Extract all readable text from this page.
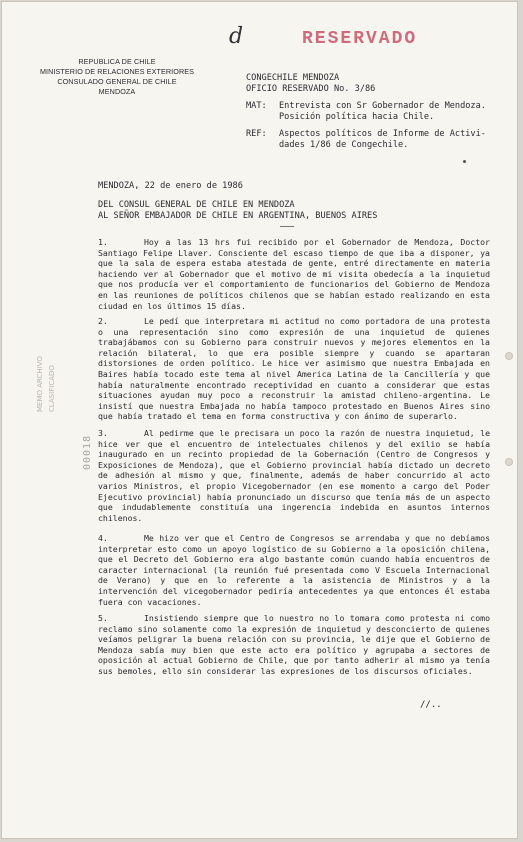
d	RESERVADO
REPUBLICA DE CHILE
MINISTERIO DE RELACIONES EXTERIORES
CONSULADO GENERAL DE CHILE
MENDOZA
CONGECHILE MENDOZA
OFICIO RESERVADO No. 3/86
MAT:	Entrevista con Sr Gobernador de Mendoza.
Posición política hacia Chile.
REF:	Aspectos políticos de Informe de Activi-
dades 1/86 de Congechile.
MENDOZA, 22 de enero de 1986
DEL CONSUL GENERAL DE CHILE EN MENDOZA
AL SEÑOR EMBAJADOR DE CHILE EN ARGENTINA, BUENOS AIRES
00018
MEMO ARCHIVO CLASIFICADO

1.	Hoy a las 13 hrs fui recibido por el Gobernador de Mendoza, Doctor Santiago Felipe Llaver. Consciente del escaso tiempo de que iba a disponer, ya que la sala de espera estaba atestada de gente, entré directamente en materia haciendo ver al Gobernador que el motivo de mi visita obedecía a la inquietud que nos producía ver el comportamiento de funcionarios del Gobierno de Mendoza en las reuniones de políticos chilenos que se habían estado realizando en esta ciudad en los últimos 15 días.

2.	Le pedí que interpretara mi actitud no como portadora de una protesta o una representación sino como expresión de una inquietud de quienes trabajábamos con su Gobierno para construir nuevos y mejores elementos en la relación bilateral, lo que era posible siempre y cuando se apartaran distorsiones de orden político. Le hice ver asimismo que nuestra Embajada en Baires había tocado este tema al nivel America Latina de la Cancillería y que había naturalmente encontrado receptividad en cuanto a considerar que estas situaciones ayudan muy poco a reconstruir la amistad chileno-argentina. Le insistí que nuestra Embajada no había tampoco protestado en Buenos Aires sino que había tratado el tema en forma constructiva y con ánimo de superarlo.

3.	Al pedirme que le precisara un poco la razón de nuestra inquietud, le hice ver que el encuentro de intelectuales chilenos y del exilio se había inaugurado en un recinto propiedad de la Gobernación (Centro de Congresos y Exposiciones de Mendoza), que el Gobierno provincial había dictado un decreto de adhesión al mismo y que, finalmente, además de haber concurrido al acto varios Ministros, el propio Vicegobernador (en ese momento a cargo del Poder Ejecutivo provincial) había pronunciado un discurso que tenía más de un aspecto que indudablemente constituía una ingerencia indebida en asuntos internos chilenos.

4.	Me hizo ver que el Centro de Congresos se arrendaba y que no debíamos interpretar esto como un apoyo logístico de su Gobierno a la oposición chilena, que el Decreto del Gobierno era algo bastante común cuando había encuentros de caracter internacional (la reunión fué presentada como V Escuela Internacional de Verano) y que en lo referente a la asistencia de Ministros y a la intervención del vicegobernador pediría antecedentes ya que entonces él estaba fuera con vacaciones.

5.	Insistiendo siempre que lo nuestro no lo tomara como protesta ni como reclamo sino solamente como la expresión de inquietud y desconcierto de quienes veíamos peligrar la buena relación con su provincia, le dije que el Gobierno de Mendoza sabía muy bien que este acto era político y agrupaba a sectores de oposición al actual Gobierno de Chile, que por tanto adherir al mismo ya tenía sus bemoles, ello sin considerar las expresiones de los discursos oficiales.

//..
